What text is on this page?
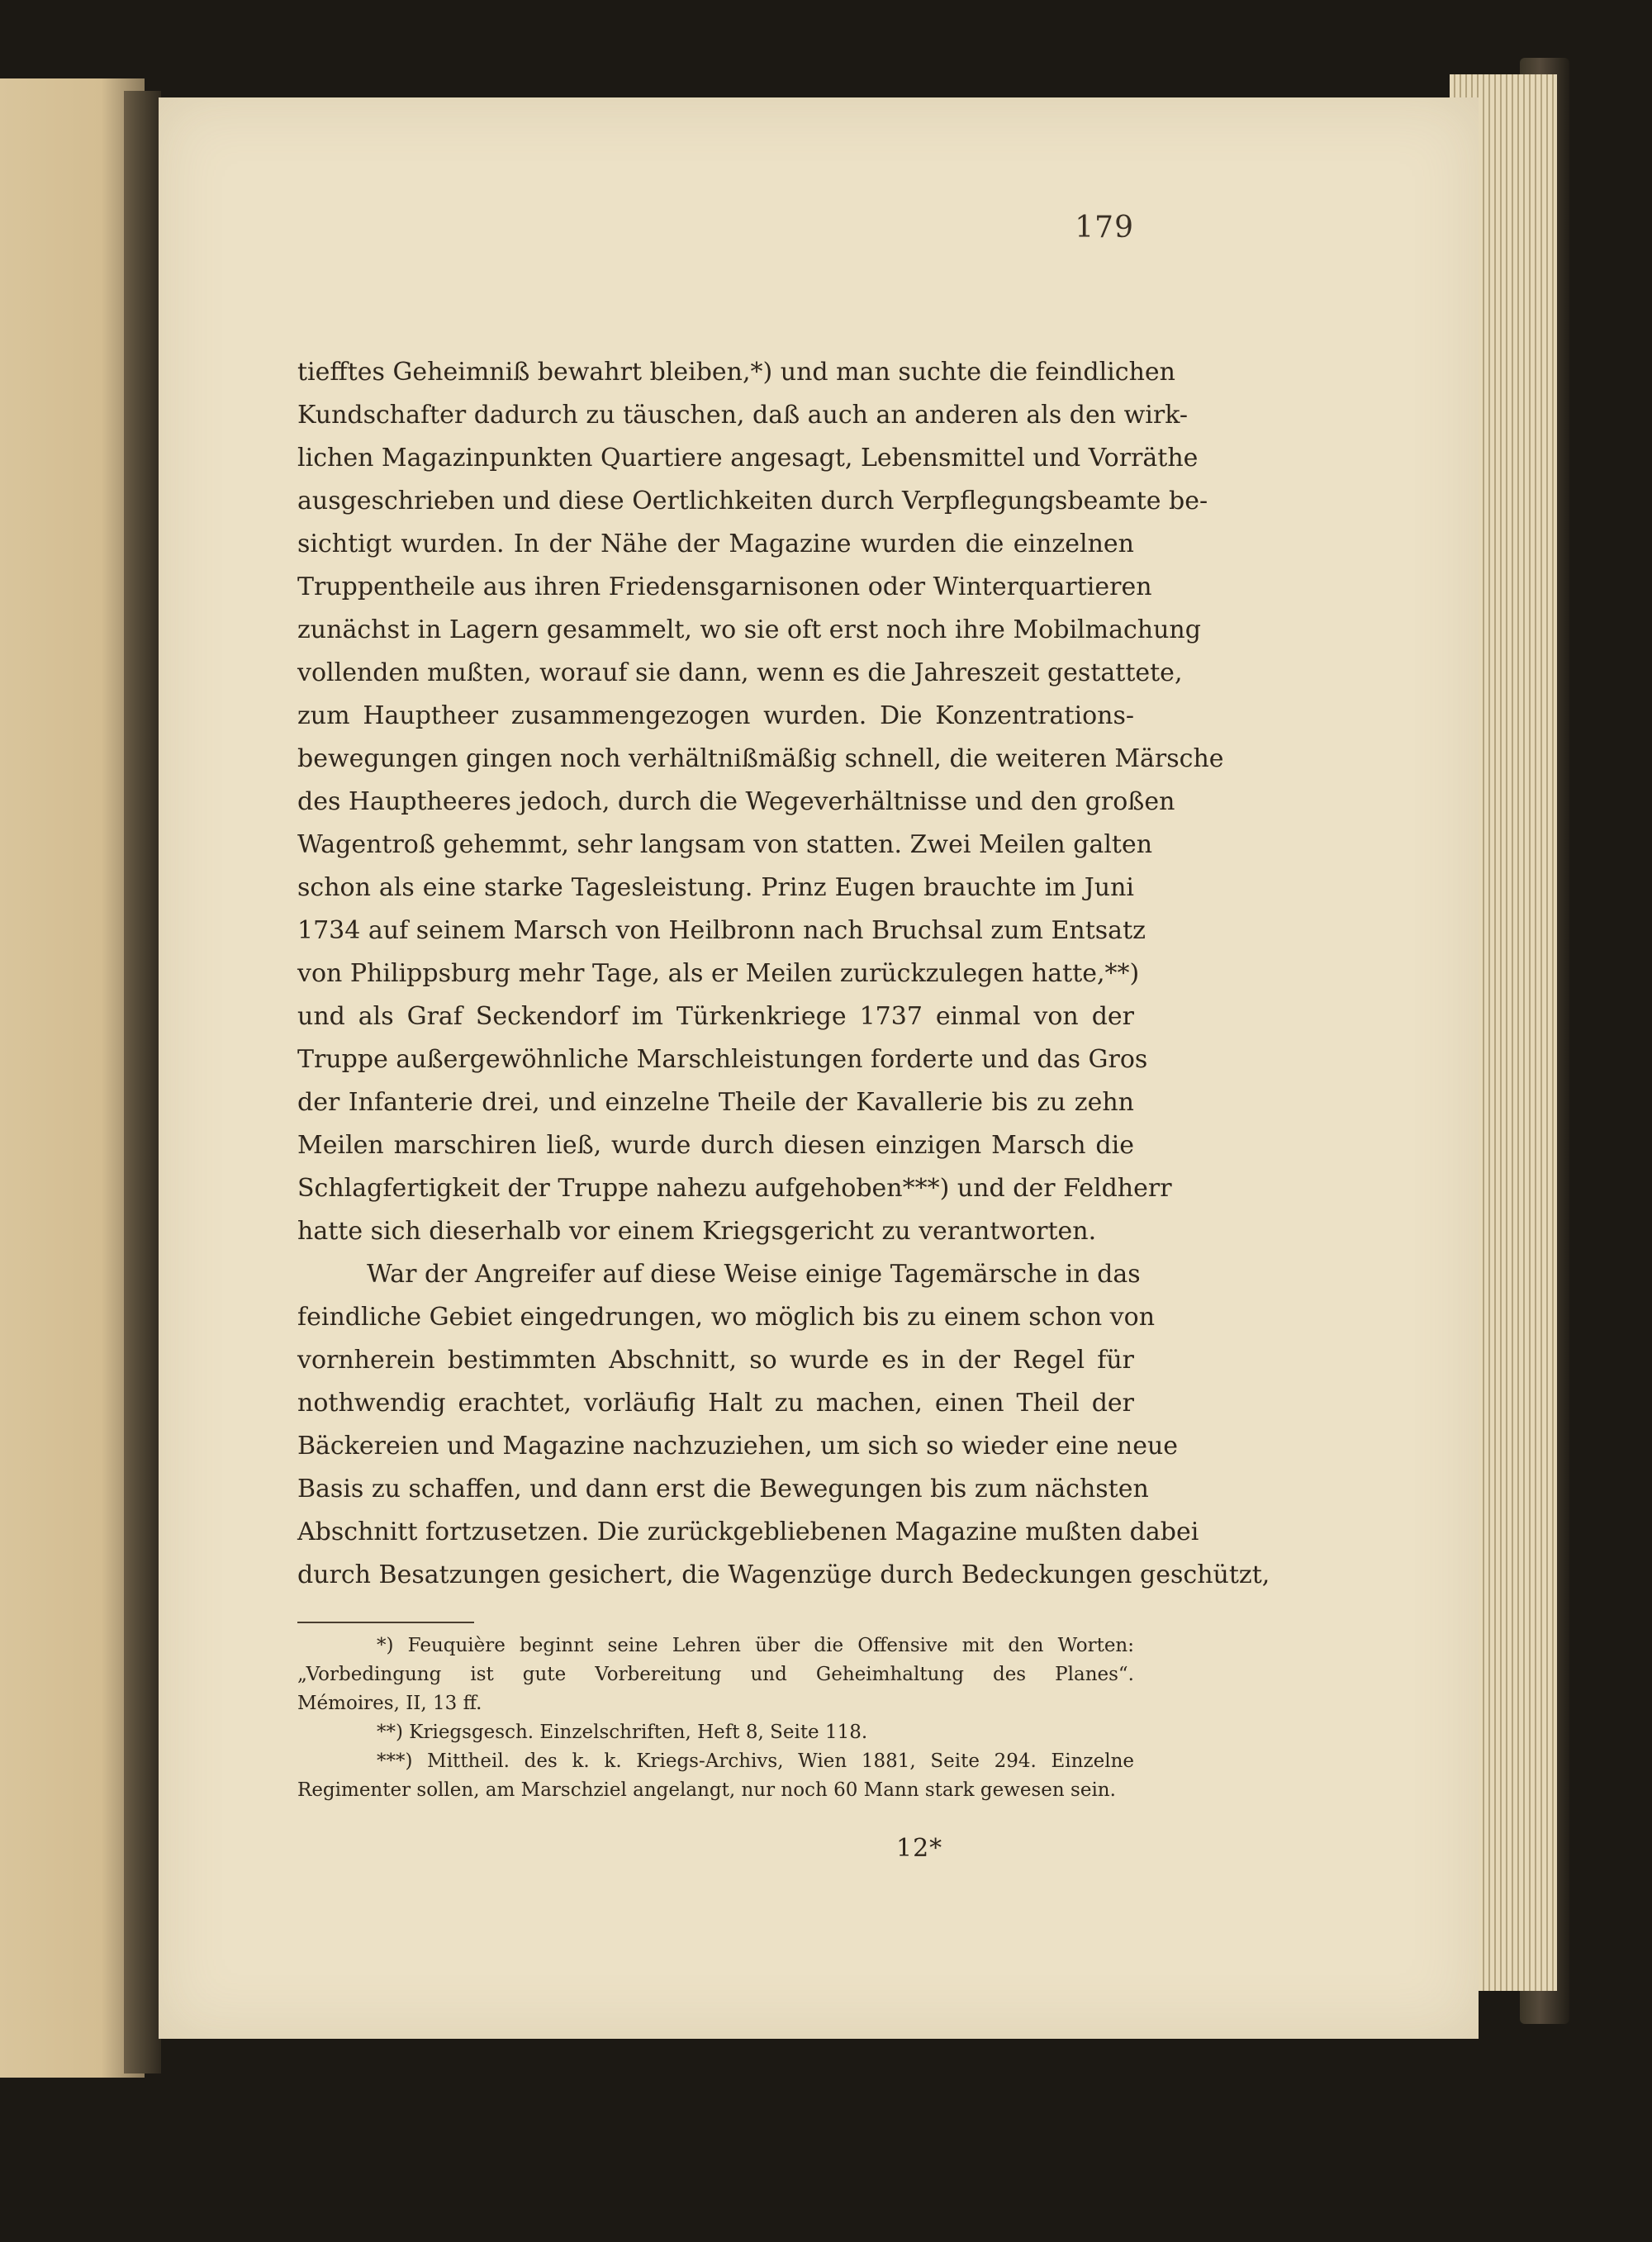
179
tiefftes Geheimniß bewahrt bleiben,*) und man suchte die feindlichen
Kundschafter dadurch zu täuschen, daß auch an anderen als den wirk-
lichen Magazinpunkten Quartiere angesagt, Lebensmittel und Vorräthe
ausgeschrieben und diese Oertlichkeiten durch Verpflegungsbeamte be-
sichtigt wurden. In der Nähe der Magazine wurden die einzelnen
Truppentheile aus ihren Friedensgarnisonen oder Winterquartieren
zunächst in Lagern gesammelt, wo sie oft erst noch ihre Mobilmachung
vollenden mußten, worauf sie dann, wenn es die Jahreszeit gestattete,
zum Hauptheer zusammengezogen wurden. Die Konzentrations-
bewegungen gingen noch verhältnißmäßig schnell, die weiteren Märsche
des Hauptheeres jedoch, durch die Wegeverhältnisse und den großen
Wagentroß gehemmt, sehr langsam von statten. Zwei Meilen galten
schon als eine starke Tagesleistung. Prinz Eugen brauchte im Juni
1734 auf seinem Marsch von Heilbronn nach Bruchsal zum Entsatz
von Philippsburg mehr Tage, als er Meilen zurückzulegen hatte,**)
und als Graf Seckendorf im Türkenkriege 1737 einmal von der
Truppe außergewöhnliche Marschleistungen forderte und das Gros
der Infanterie drei, und einzelne Theile der Kavallerie bis zu zehn
Meilen marschiren ließ, wurde durch diesen einzigen Marsch die
Schlagfertigkeit der Truppe nahezu aufgehoben***) und der Feldherr
hatte sich dieserhalb vor einem Kriegsgericht zu verantworten.
War der Angreifer auf diese Weise einige Tagemärsche in das
feindliche Gebiet eingedrungen, wo möglich bis zu einem schon von
vornherein bestimmten Abschnitt, so wurde es in der Regel für
nothwendig erachtet, vorläufig Halt zu machen, einen Theil der
Bäckereien und Magazine nachzuziehen, um sich so wieder eine neue
Basis zu schaffen, und dann erst die Bewegungen bis zum nächsten
Abschnitt fortzusetzen. Die zurückgebliebenen Magazine mußten dabei
durch Besatzungen gesichert, die Wagenzüge durch Bedeckungen geschützt,
*) Feuquière beginnt seine Lehren über die Offensive mit den Worten:
„Vorbedingung ist gute Vorbereitung und Geheimhaltung des Planes“.
Mémoires, II, 13 ff.
**) Kriegsgesch. Einzelschriften, Heft 8, Seite 118.
***) Mittheil. des k. k. Kriegs-Archivs, Wien 1881, Seite 294. Einzelne
Regimenter sollen, am Marschziel angelangt, nur noch 60 Mann stark gewesen sein.
12*
